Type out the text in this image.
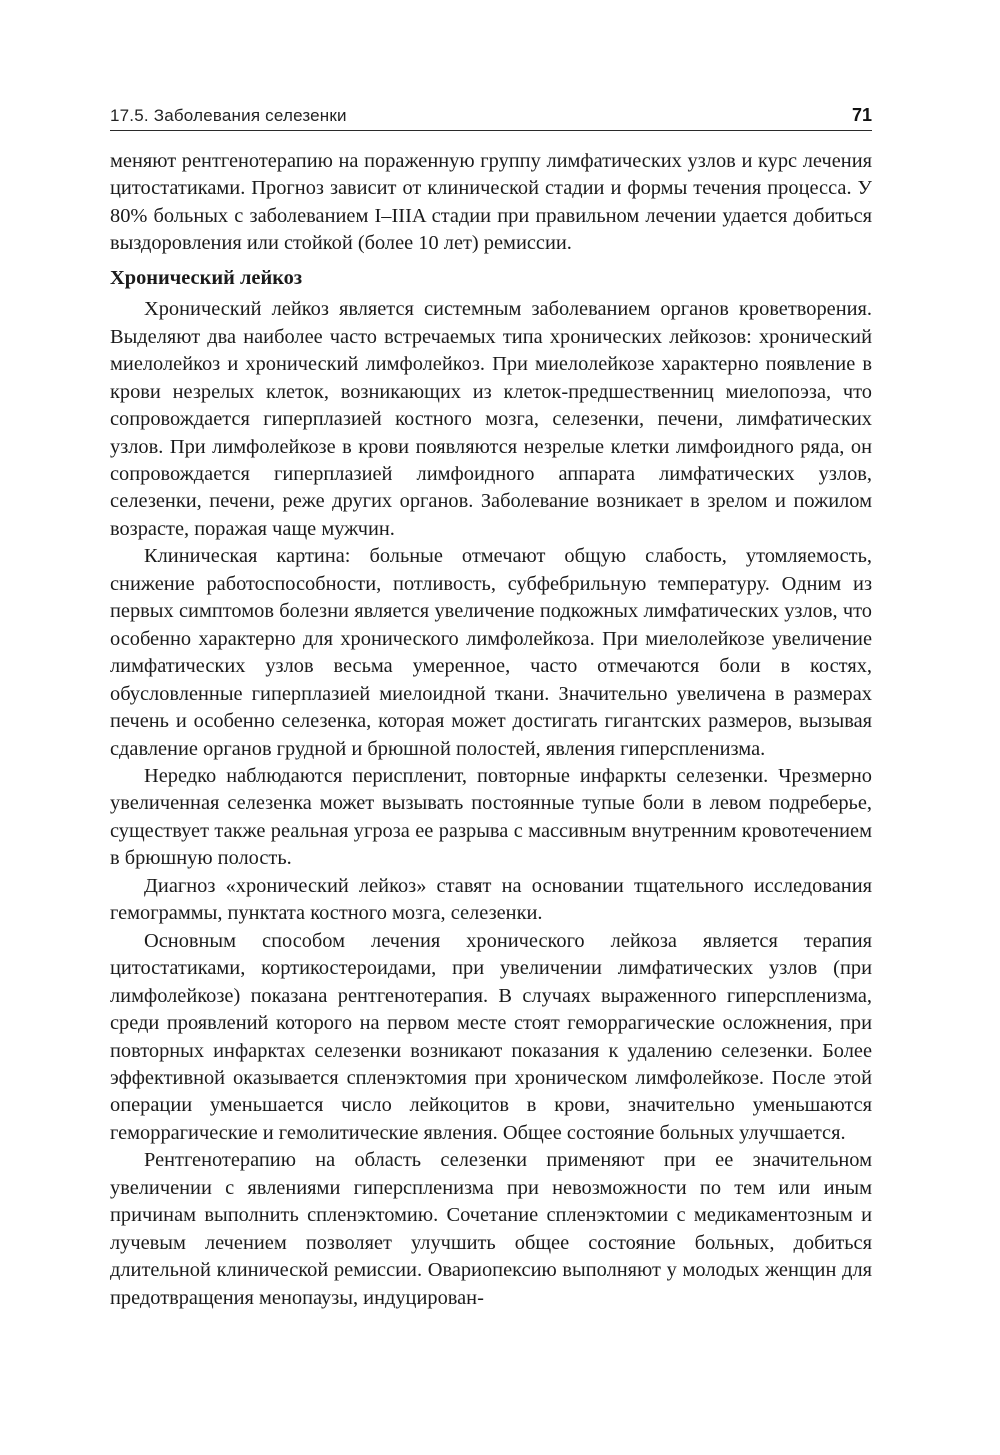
17.5. Заболевания селезенки	71

меняют рентгенотерапию на пораженную группу лимфатических узлов и курс лечения цитостатиками. Прогноз зависит от клинической стадии и формы течения процесса. У 80% больных с заболеванием I–IIIA стадии при правильном лечении удается добиться выздоровления или стойкой (более 10 лет) ремиссии.

Хронический лейкоз

Хронический лейкоз является системным заболеванием органов кроветворения. Выделяют два наиболее часто встречаемых типа хронических лейкозов: хронический миелолейкоз и хронический лимфолейкоз. При миелолейкозе характерно появление в крови незрелых клеток, возникающих из клеток-предшественниц миелопоэза, что сопровождается гиперплазией костного мозга, селезенки, печени, лимфатических узлов. При лимфолейкозе в крови появляются незрелые клетки лимфоидного ряда, он сопровождается гиперплазией лимфоидного аппарата лимфатических узлов, селезенки, печени, реже других органов. Заболевание возникает в зрелом и пожилом возрасте, поражая чаще мужчин.

Клиническая картина: больные отмечают общую слабость, утомляемость, снижение работоспособности, потливость, субфебрильную температуру. Одним из первых симптомов болезни является увеличение подкожных лимфатических узлов, что особенно характерно для хронического лимфолейкоза. При миелолейкозе увеличение лимфатических узлов весьма умеренное, часто отмечаются боли в костях, обусловленные гиперплазией миелоидной ткани. Значительно увеличена в размерах печень и особенно селезенка, которая может достигать гигантских размеров, вызывая сдавление органов грудной и брюшной полостей, явления гиперспленизма.

Нередко наблюдаются периспленит, повторные инфаркты селезенки. Чрезмерно увеличенная селезенка может вызывать постоянные тупые боли в левом подреберье, существует также реальная угроза ее разрыва с массивным внутренним кровотечением в брюшную полость.

Диагноз «хронический лейкоз» ставят на основании тщательного исследования гемограммы, пунктата костного мозга, селезенки.

Основным способом лечения хронического лейкоза является терапия цитостатиками, кортикостероидами, при увеличении лимфатических узлов (при лимфолейкозе) показана рентгенотерапия. В случаях выраженного гиперспленизма, среди проявлений которого на первом месте стоят геморрагические осложнения, при повторных инфарктах селезенки возникают показания к удалению селезенки. Более эффективной оказывается спленэктомия при хроническом лимфолейкозе. После этой операции уменьшается число лейкоцитов в крови, значительно уменьшаются геморрагические и гемолитические явления. Общее состояние больных улучшается.

Рентгенотерапию на область селезенки применяют при ее значительном увеличении с явлениями гиперспленизма при невозможности по тем или иным причинам выполнить спленэктомию. Сочетание спленэктомии с медикаментозным и лучевым лечением позволяет улучшить общее состояние больных, добиться длительной клинической ремиссии. Овариопексию выполняют у молодых женщин для предотвращения менопаузы, индуцирован-
